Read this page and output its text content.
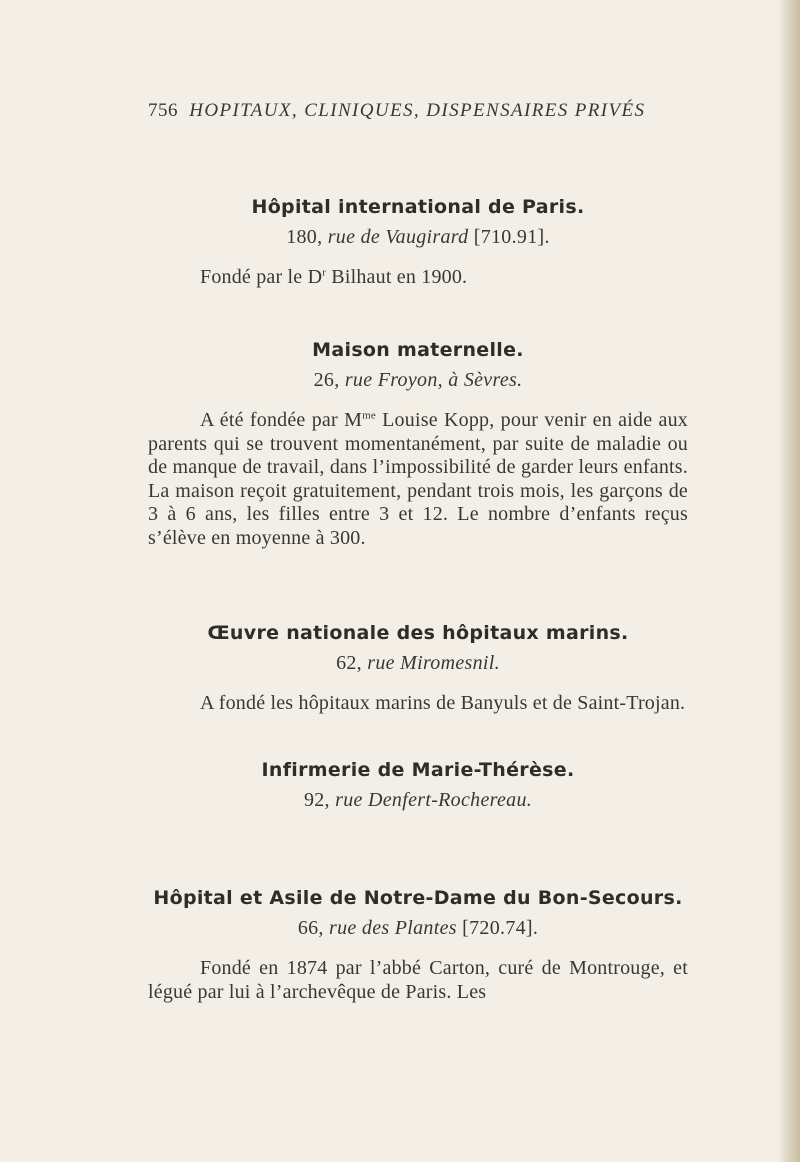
756 HOPITAUX, CLINIQUES, DISPENSAIRES PRIVÉS
Hôpital international de Paris.
180, rue de Vaugirard [710.91].

Fondé par le $D^r$ Bilhaut en 1900.

Maison maternelle.
26, rue Froyon, à Sèvres.

A été fondée par $M^{me}$ Louise Kopp, pour venir en aide aux parents qui se trouvent momentanément, par suite de maladie ou de manque de travail, dans l’impossibilité de garder leurs enfants. La maison reçoit gratuitement, pendant trois mois, les garçons de 3 à 6 ans, les filles entre 3 et 12. Le nombre d’enfants reçus s’élève en moyenne à 300.

Œuvre nationale des hôpitaux marins.
62, rue Miromesnil.

A fondé les hôpitaux marins de Banyuls et de Saint-Trojan.

Infirmerie de Marie-Thérèse.
92, rue Denfert-Rochereau.
Hôpital et Asile de Notre-Dame du Bon-Secours.
66, rue des Plantes [720.74].

Fondé en 1874 par l’abbé Carton, curé de Montrouge, et légué par lui à l’archevêque de Paris. Les
